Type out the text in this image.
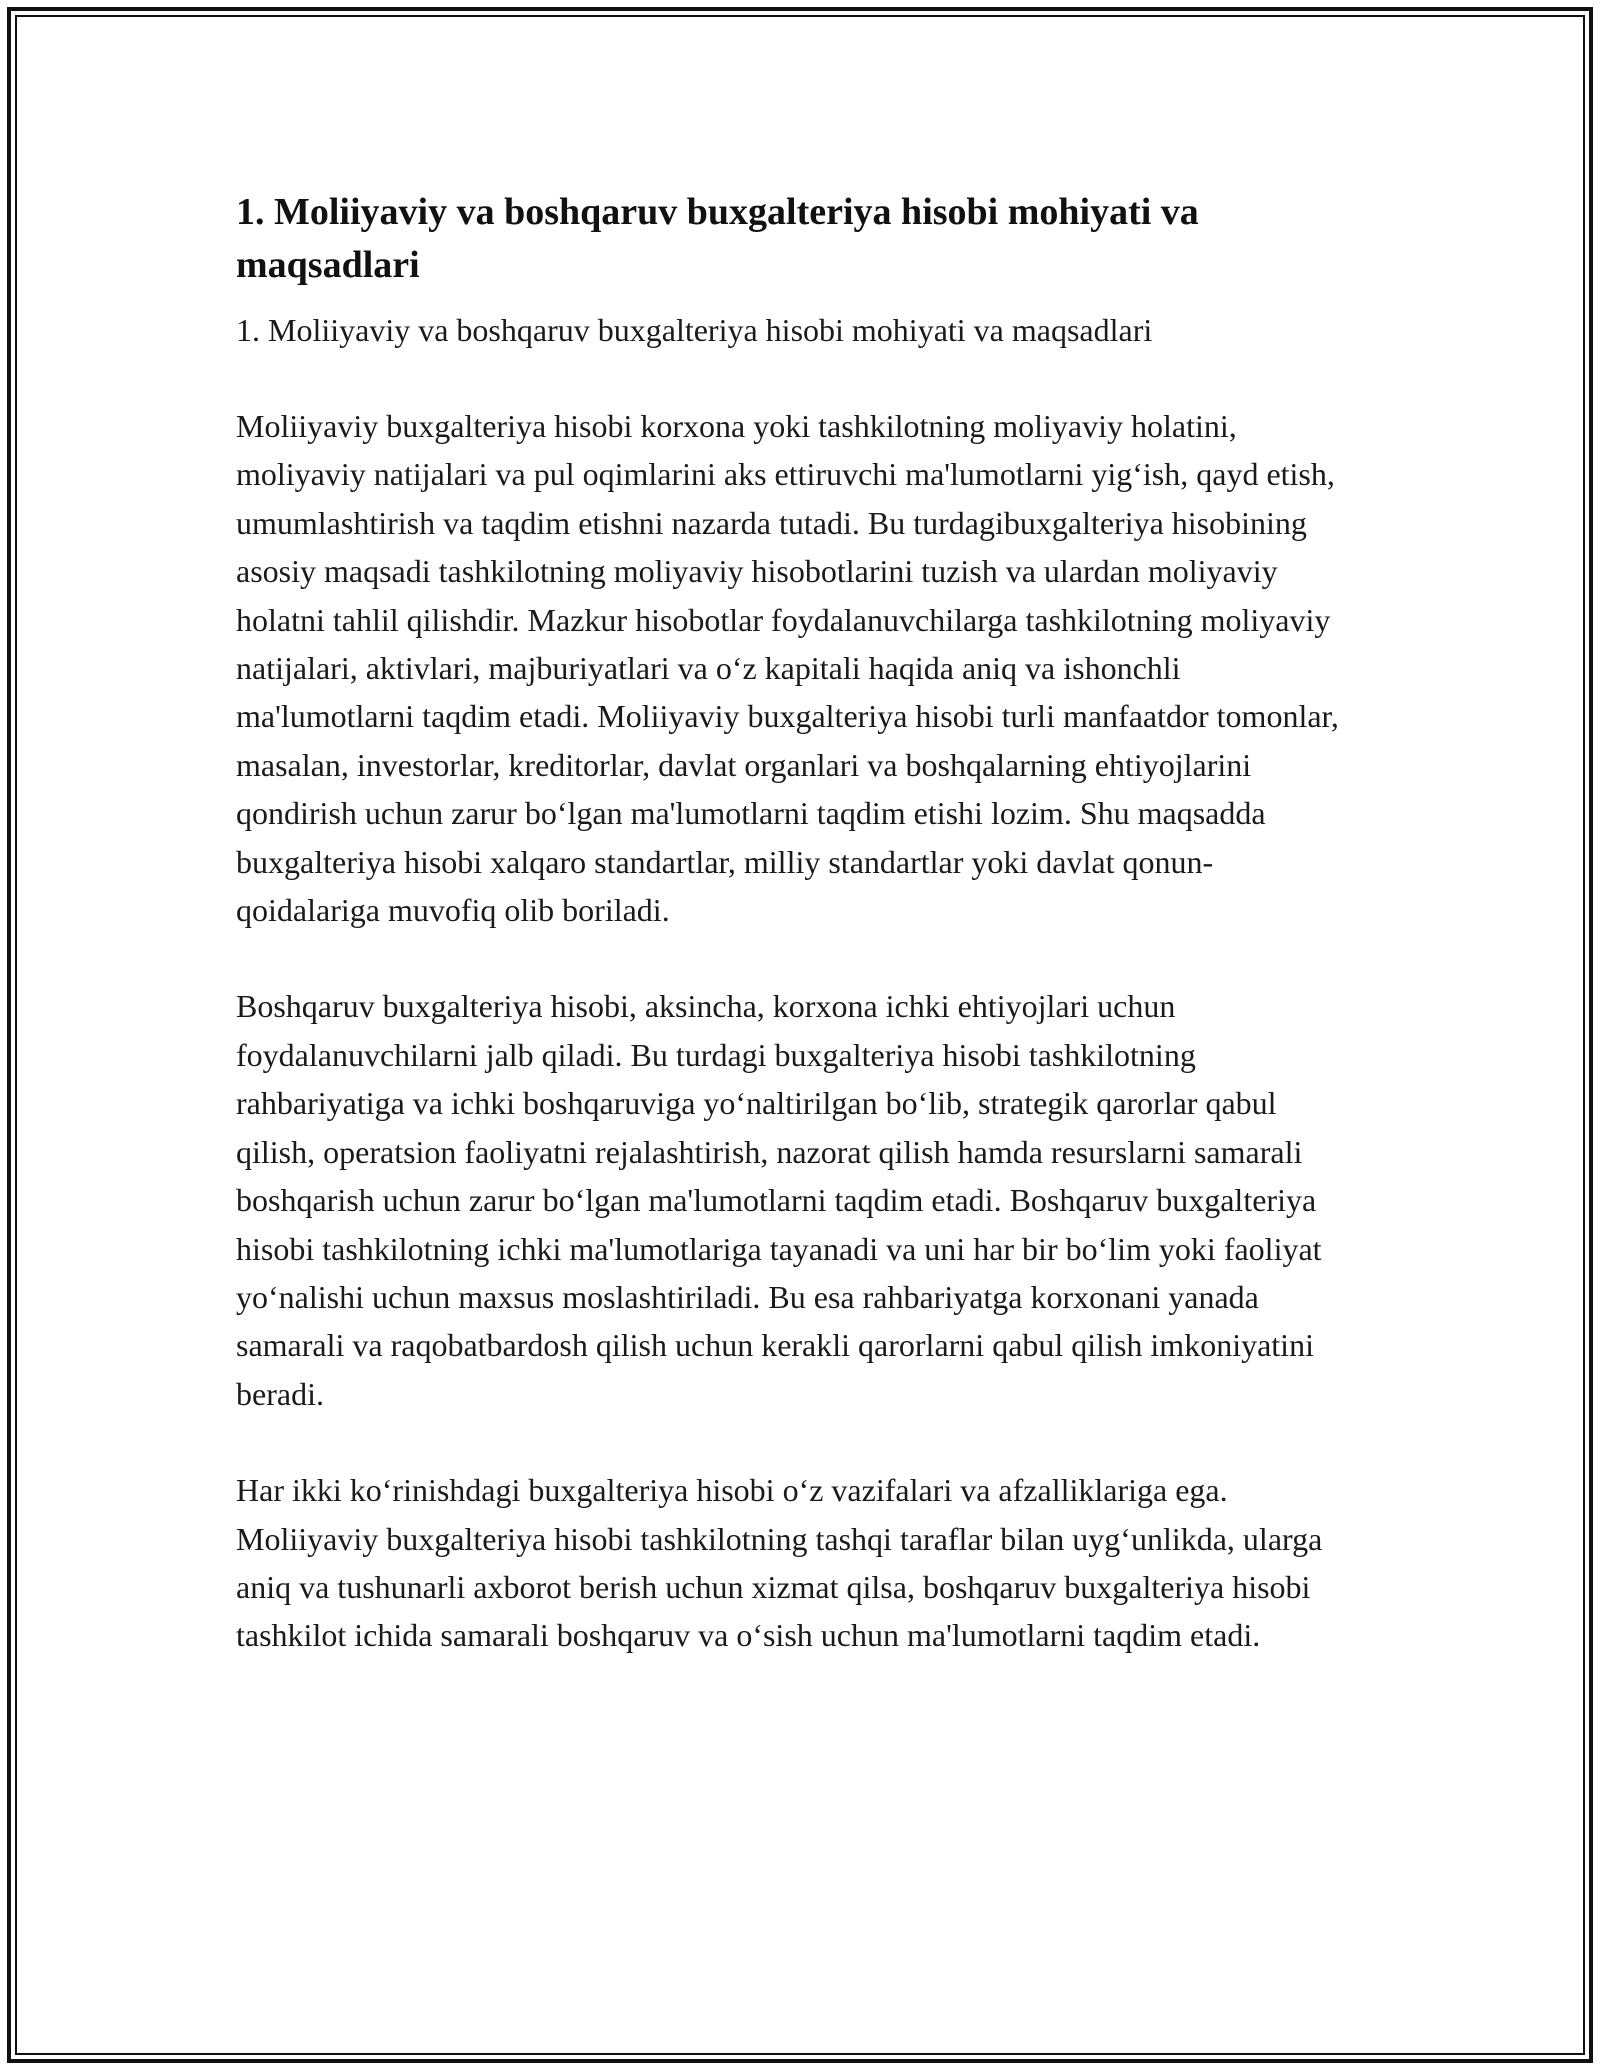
1. Moliiyaviy va boshqaruv buxgalteriya hisobi mohiyati va maqsadlari

1. Moliiyaviy va boshqaruv buxgalteriya hisobi mohiyati va maqsadlari

Moliiyaviy buxgalteriya hisobi korxona yoki tashkilotning moliyaviy holatini, moliyaviy natijalari va pul oqimlarini aks ettiruvchi ma'lumotlarni yig‘ish, qayd etish, umumlashtirish va taqdim etishni nazarda tutadi. Bu turdagibuxgalteriya hisobining asosiy maqsadi tashkilotning moliyaviy hisobotlarini tuzish va ulardan moliyaviy holatni tahlil qilishdir. Mazkur hisobotlar foydalanuvchilarga tashkilotning moliyaviy natijalari, aktivlari, majburiyatlari va o‘z kapitali haqida aniq va ishonchli ma'lumotlarni taqdim etadi. Moliiyaviy buxgalteriya hisobi turli manfaatdor tomonlar, masalan, investorlar, kreditorlar, davlat organlari va boshqalarning ehtiyojlarini qondirish uchun zarur bo‘lgan ma'lumotlarni taqdim etishi lozim. Shu maqsadda buxgalteriya hisobi xalqaro standartlar, milliy standartlar yoki davlat qonun-qoidalariga muvofiq olib boriladi.

Boshqaruv buxgalteriya hisobi, aksincha, korxona ichki ehtiyojlari uchun foydalanuvchilarni jalb qiladi. Bu turdagi buxgalteriya hisobi tashkilotning rahbariyatiga va ichki boshqaruviga yo‘naltirilgan bo‘lib, strategik qarorlar qabul qilish, operatsion faoliyatni rejalashtirish, nazorat qilish hamda resurslarni samarali boshqarish uchun zarur bo‘lgan ma'lumotlarni taqdim etadi. Boshqaruv buxgalteriya hisobi tashkilotning ichki ma'lumotlariga tayanadi va uni har bir bo‘lim yoki faoliyat yo‘nalishi uchun maxsus moslashtiriladi. Bu esa rahbariyatga korxonani yanada samarali va raqobatbardosh qilish uchun kerakli qarorlarni qabul qilish imkoniyatini beradi.

Har ikki ko‘rinishdagi buxgalteriya hisobi o‘z vazifalari va afzalliklariga ega. Moliiyaviy buxgalteriya hisobi tashkilotning tashqi taraflar bilan uyg‘unlikda, ularga aniq va tushunarli axborot berish uchun xizmat qilsa, boshqaruv buxgalteriya hisobi tashkilot ichida samarali boshqaruv va o‘sish uchun ma'lumotlarni taqdim etadi.
